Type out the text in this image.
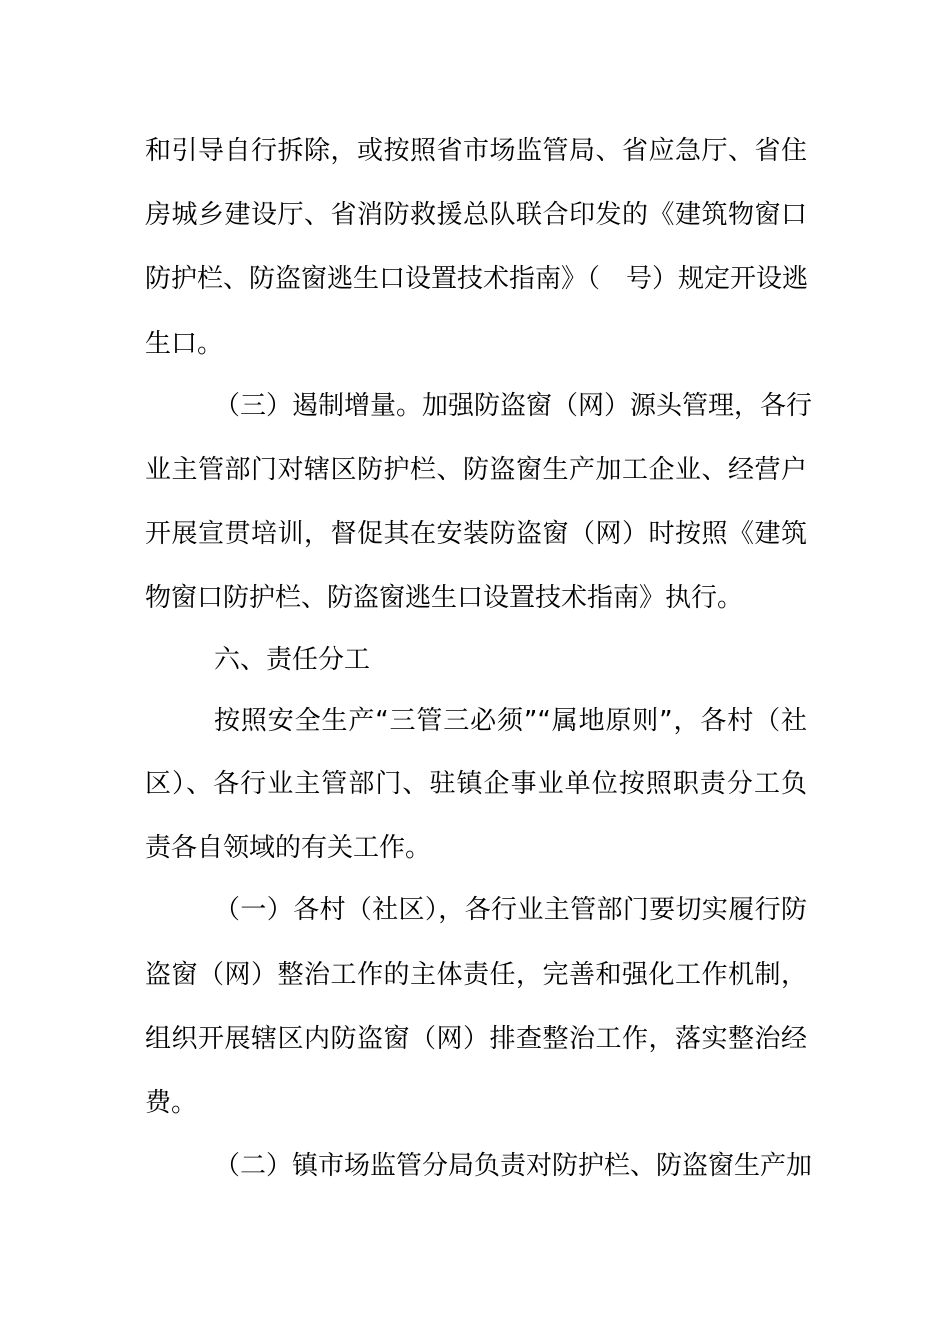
和引导自行拆除，或按照省市场监管局、省应急厅、省住
房城乡建设厅、省消防救援总队联合印发的《建筑物窗口
防护栏、防盗窗逃生口设置技术指南》（　号）规定开设逃
生口。
（三）遏制增量。加强防盗窗（网）源头管理，各行
业主管部门对辖区防护栏、防盗窗生产加工企业、经营户
开展宣贯培训，督促其在安装防盗窗（网）时按照《建筑
物窗口防护栏、防盗窗逃生口设置技术指南》执行。
六、责任分工
按照安全生产“三管三必须”“属地原则”，各村（社
区）、各行业主管部门、驻镇企事业单位按照职责分工负
责各自领域的有关工作。
（一）各村（社区），各行业主管部门要切实履行防
盗窗（网）整治工作的主体责任，完善和强化工作机制，
组织开展辖区内防盗窗（网）排查整治工作，落实整治经
费。
（二）镇市场监管分局负责对防护栏、防盗窗生产加
